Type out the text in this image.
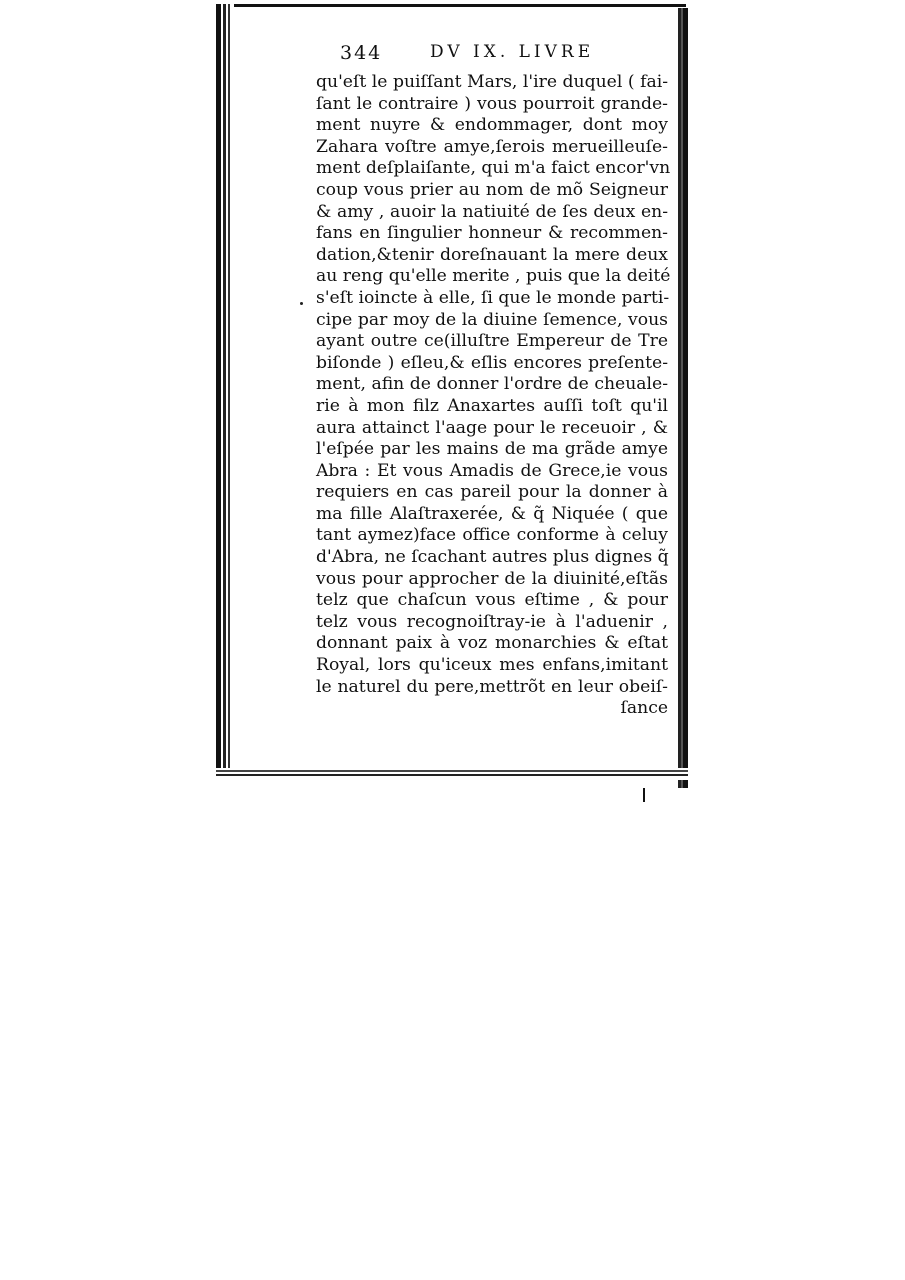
344	DV IX. LIVRE
qu'eſt le puiſſant Mars, l'ire duquel ( fai-
ſant le contraire ) vous pourroit grande-
ment nuyre & endommager, dont moy
Zahara voſtre amye,ſerois merueilleuſe-
ment deſplaiſante, qui m'a faict encor'vn
coup vous prier au nom de mõ Seigneur
& amy , auoir la natiuité de ſes deux en-
fans en ſingulier honneur & recommen-
dation,&tenir doreſnauant la mere deux
au reng qu'elle merite , puis que la deité
s'eſt ioincte à elle, ſi que le monde parti-
cipe par moy de la diuine ſemence, vous
ayant outre ce(illuſtre Empereur de Tre
biſonde ) eſleu,& eſlis encores preſente-
ment, afin de donner l'ordre de cheuale-
rie à mon filz Anaxartes auſſi toſt qu'il
aura attainct l'aage pour le receuoir , &
l'eſpée par les mains de ma grãde amye
Abra : Et vous Amadis de Grece,ie vous
requiers en cas pareil pour la donner à
ma fille Alaſtraxerée, & q̃ Niquée ( que
tant aymez)face office conforme à celuy
d'Abra, ne ſcachant autres plus dignes q̃
vous pour approcher de la diuinité,eſtãs
telz que chaſcun vous eſtime , & pour
telz vous recognoiſtray-ie à l'aduenir ,
donnant paix à voz monarchies & eſtat
Royal, lors qu'iceux mes enfans,imitant
le naturel du pere,mettrõt en leur obeiſ-
ſance
